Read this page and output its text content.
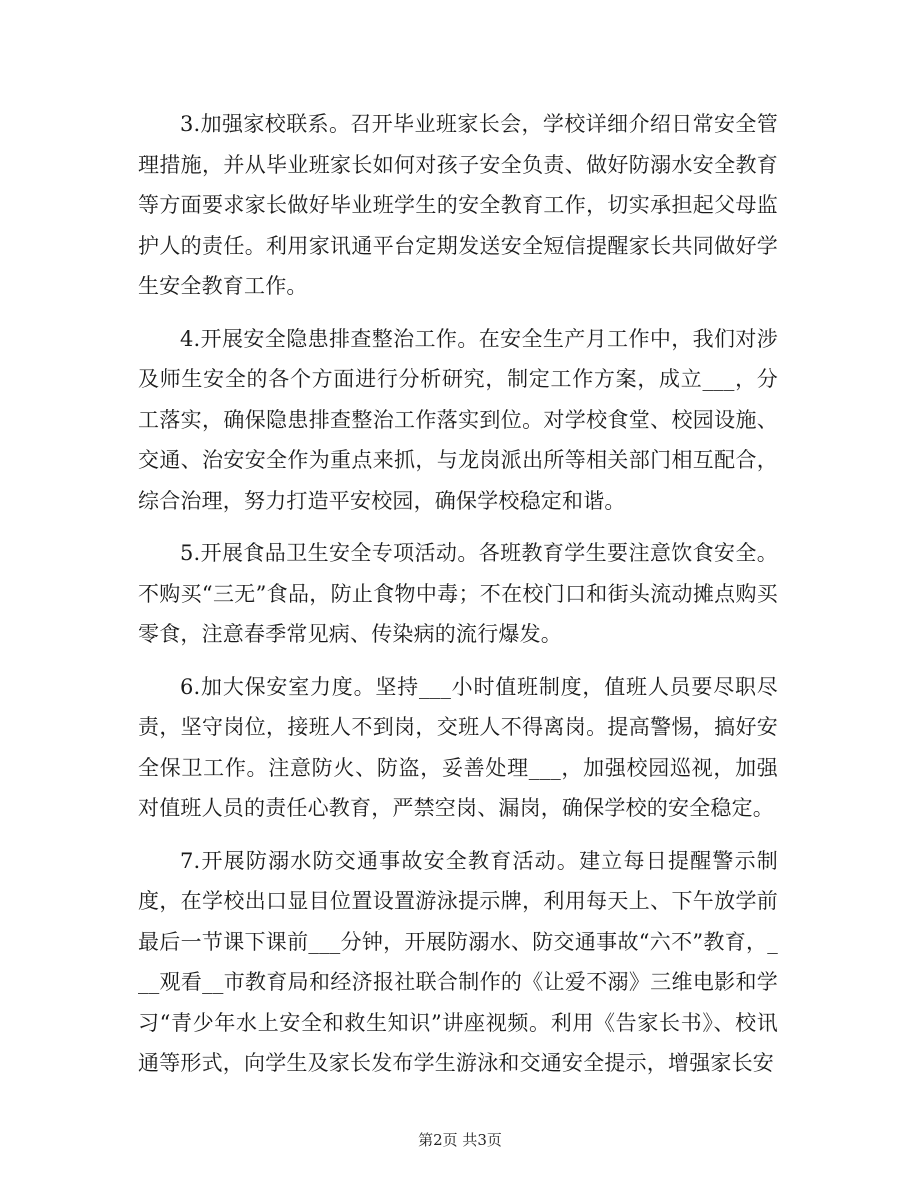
3.加强家校联系。召开毕业班家长会，学校详细介绍日常安全管理措施，并从毕业班家长如何对孩子安全负责、做好防溺水安全教育等方面要求家长做好毕业班学生的安全教育工作，切实承担起父母监护人的责任。利用家讯通平台定期发送安全短信提醒家长共同做好学生安全教育工作。

4.开展安全隐患排查整治工作。在安全生产月工作中，我们对涉及师生安全的各个方面进行分析研究，制定工作方案，成立___，分工落实，确保隐患排查整治工作落实到位。对学校食堂、校园设施、交通、治安安全作为重点来抓，与龙岗派出所等相关部门相互配合，综合治理，努力打造平安校园，确保学校稳定和谐。

5.开展食品卫生安全专项活动。各班教育学生要注意饮食安全。不购买“三无”食品，防止食物中毒；不在校门口和街头流动摊点购买零食，注意春季常见病、传染病的流行爆发。

6.加大保安室力度。坚持___小时值班制度，值班人员要尽职尽责，坚守岗位，接班人不到岗，交班人不得离岗。提高警惕，搞好安全保卫工作。注意防火、防盗，妥善处理___，加强校园巡视，加强对值班人员的责任心教育，严禁空岗、漏岗，确保学校的安全稳定。

7.开展防溺水防交通事故安全教育活动。建立每日提醒警示制度，在学校出口显目位置设置游泳提示牌，利用每天上、下午放学前最后一节课下课前___分钟，开展防溺水、防交通事故“六不”教育，___观看__市教育局和经济报社联合制作的《让爱不溺》三维电影和学习“青少年水上安全和救生知识”讲座视频。利用《告家长书》、校讯通等形式，向学生及家长发布学生游泳和交通安全提示，增强家长安

第2页 共3页
